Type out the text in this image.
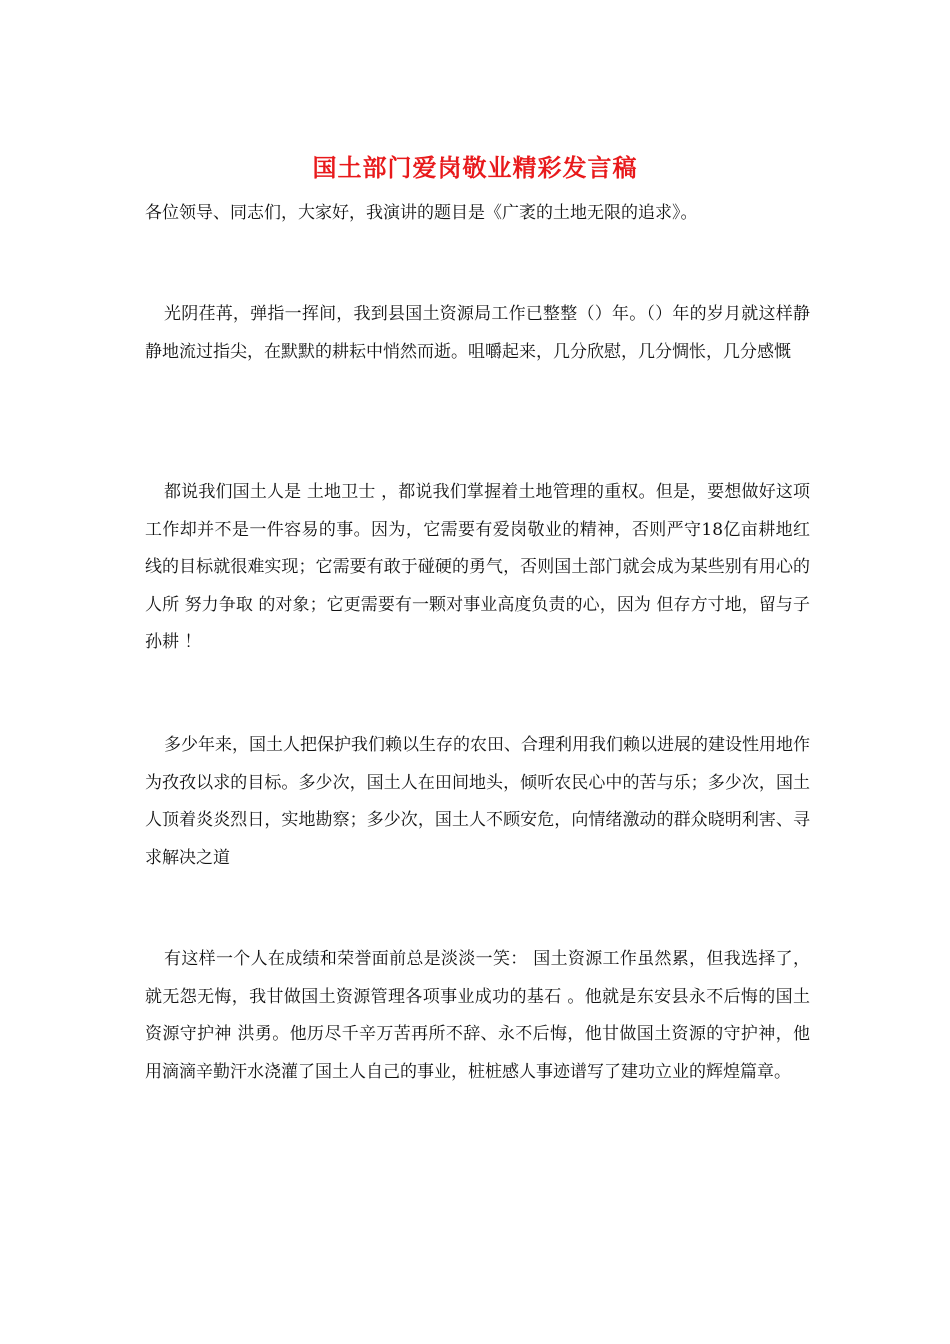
国土部门爱岗敬业精彩发言稿
各位领导、同志们，大家好，我演讲的题目是《广袤的土地无限的追求》。

光阴荏苒，弹指一挥间，我到县国土资源局工作已整整（）年。（）年的岁月就这样静静地流过指尖，在默默的耕耘中悄然而逝。咀嚼起来，几分欣慰，几分惆怅，几分感慨

都说我们国土人是 土地卫士 ，都说我们掌握着土地管理的重权。但是，要想做好这项工作却并不是一件容易的事。因为，它需要有爱岗敬业的精神，否则严守18亿亩耕地红线的目标就很难实现；它需要有敢于碰硬的勇气，否则国土部门就会成为某些别有用心的人所 努力争取 的对象；它更需要有一颗对事业高度负责的心，因为 但存方寸地，留与子孙耕 ！

多少年来，国土人把保护我们赖以生存的农田、合理利用我们赖以进展的建设性用地作为孜孜以求的目标。多少次，国土人在田间地头，倾听农民心中的苦与乐；多少次，国土人顶着炎炎烈日，实地勘察；多少次，国土人不顾安危，向情绪激动的群众晓明利害、寻求解决之道

有这样一个人在成绩和荣誉面前总是淡淡一笑： 国土资源工作虽然累，但我选择了，就无怨无悔，我甘做国土资源管理各项事业成功的基石 。他就是东安县永不后悔的国土资源守护神 洪勇。他历尽千辛万苦再所不辞、永不后悔，他甘做国土资源的守护神，他用滴滴辛勤汗水浇灌了国土人自己的事业，桩桩感人事迹谱写了建功立业的辉煌篇章。
